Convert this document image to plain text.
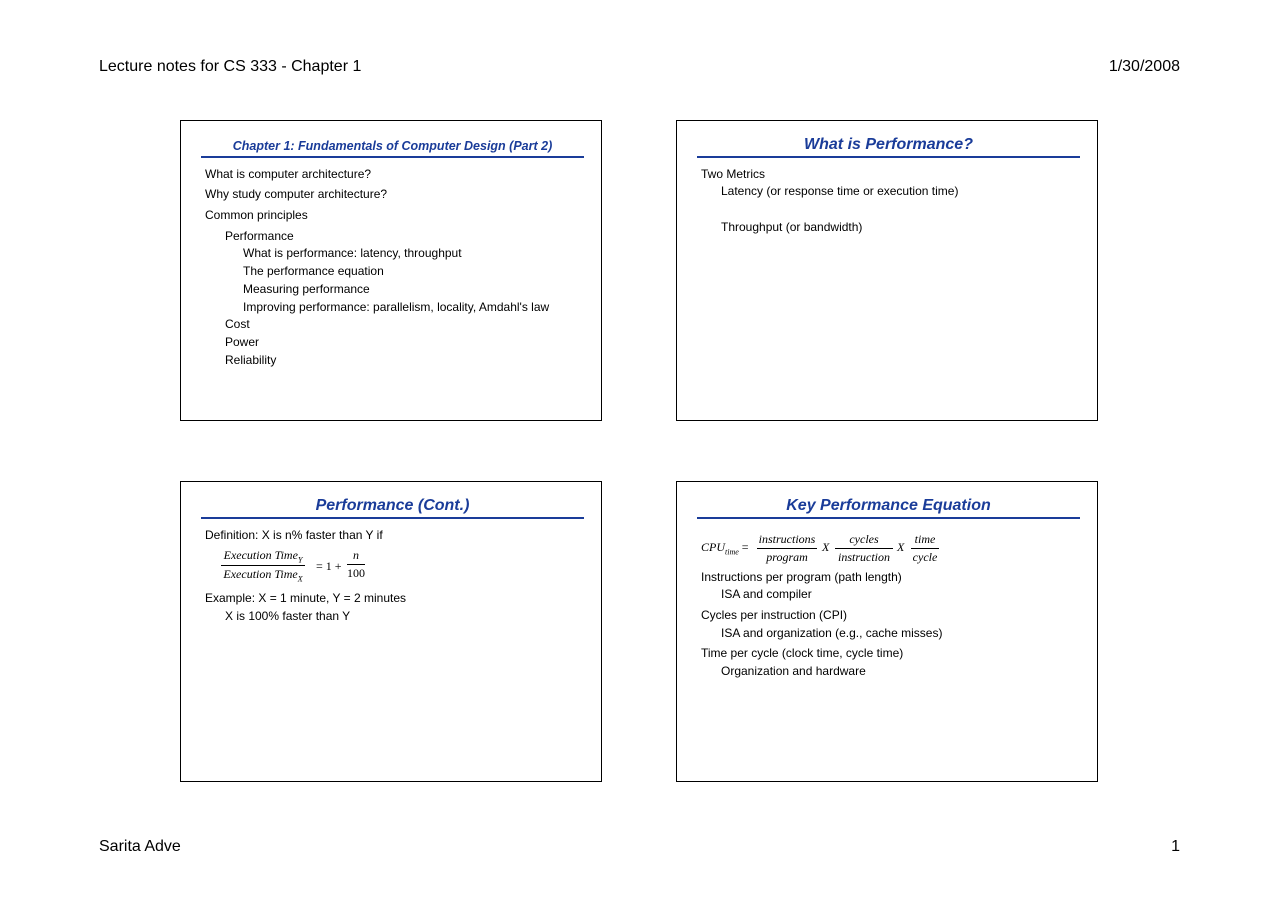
Lecture notes for CS 333 - Chapter 1	1/30/2008
Chapter 1: Fundamentals of Computer Design (Part 2)
What is computer architecture?
Why study computer architecture?
Common principles
Performance
What is performance: latency, throughput
The performance equation
Measuring performance
Improving performance: parallelism, locality, Amdahl's law
Cost
Power
Reliability
What is Performance?
Two Metrics
Latency (or response time or execution time)
Throughput (or bandwidth)
Performance (Cont.)
Definition: X is n% faster than Y if
Execution Time$_Y$
Execution Time$_X$
= 1 +
n
100
Example: X = 1 minute, Y = 2 minutes
X is 100% faster than Y
Key Performance Equation
$CPU_{time}$ =
instructions
program
X
cycles
instruction
X
time
cycle
Instructions per program (path length)
ISA and compiler
Cycles per instruction (CPI)
ISA and organization (e.g., cache misses)
Time per cycle (clock time, cycle time)
Organization and hardware
Sarita Adve	1
